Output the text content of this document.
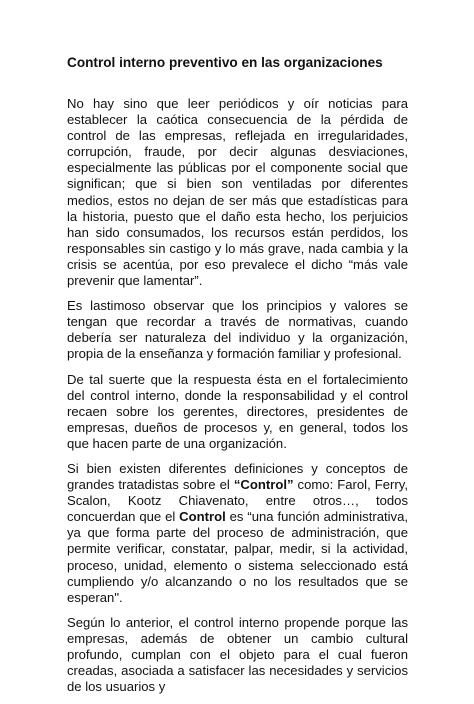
Control interno preventivo en las organizaciones

No hay sino que leer periódicos y oír noticias para establecer la caótica consecuencia de la pérdida de control de las empresas, reflejada en irregularidades, corrupción, fraude, por decir algunas desviaciones, especialmente las públicas por el componente social que significan; que si bien son ventiladas por diferentes medios, estos no dejan de ser más que estadísticas para la historia, puesto que el daño esta hecho, los perjuicios han sido consumados, los recursos están perdidos, los responsables sin castigo y lo más grave, nada cambia y la crisis se acentúa, por eso prevalece el dicho “más vale prevenir que lamentar”.

Es lastimoso observar que los principios y valores se tengan que recordar a través de normativas, cuando debería ser naturaleza del individuo y la organización, propia de la enseñanza y formación familiar y profesional.

De tal suerte que la respuesta ésta en el fortalecimiento del control interno, donde la responsabilidad y el control recaen sobre los gerentes, directores, presidentes de empresas, dueños de procesos y, en general, todos los que hacen parte de una organización.

Si bien existen diferentes definiciones y conceptos de grandes tratadistas sobre el “Control” como: Farol, Ferry, Scalon, Kootz Chiavenato, entre otros…, todos concuerdan que el Control es “una función administrativa, ya que forma parte del proceso de administración, que permite verificar, constatar, palpar, medir, si la actividad, proceso, unidad, elemento o sistema seleccionado está cumpliendo y/o alcanzando o no los resultados que se esperan".

Según lo anterior, el control interno propende porque las empresas, además de obtener un cambio cultural profundo, cumplan con el objeto para el cual fueron creadas, asociada a satisfacer las necesidades y servicios de los usuarios y
